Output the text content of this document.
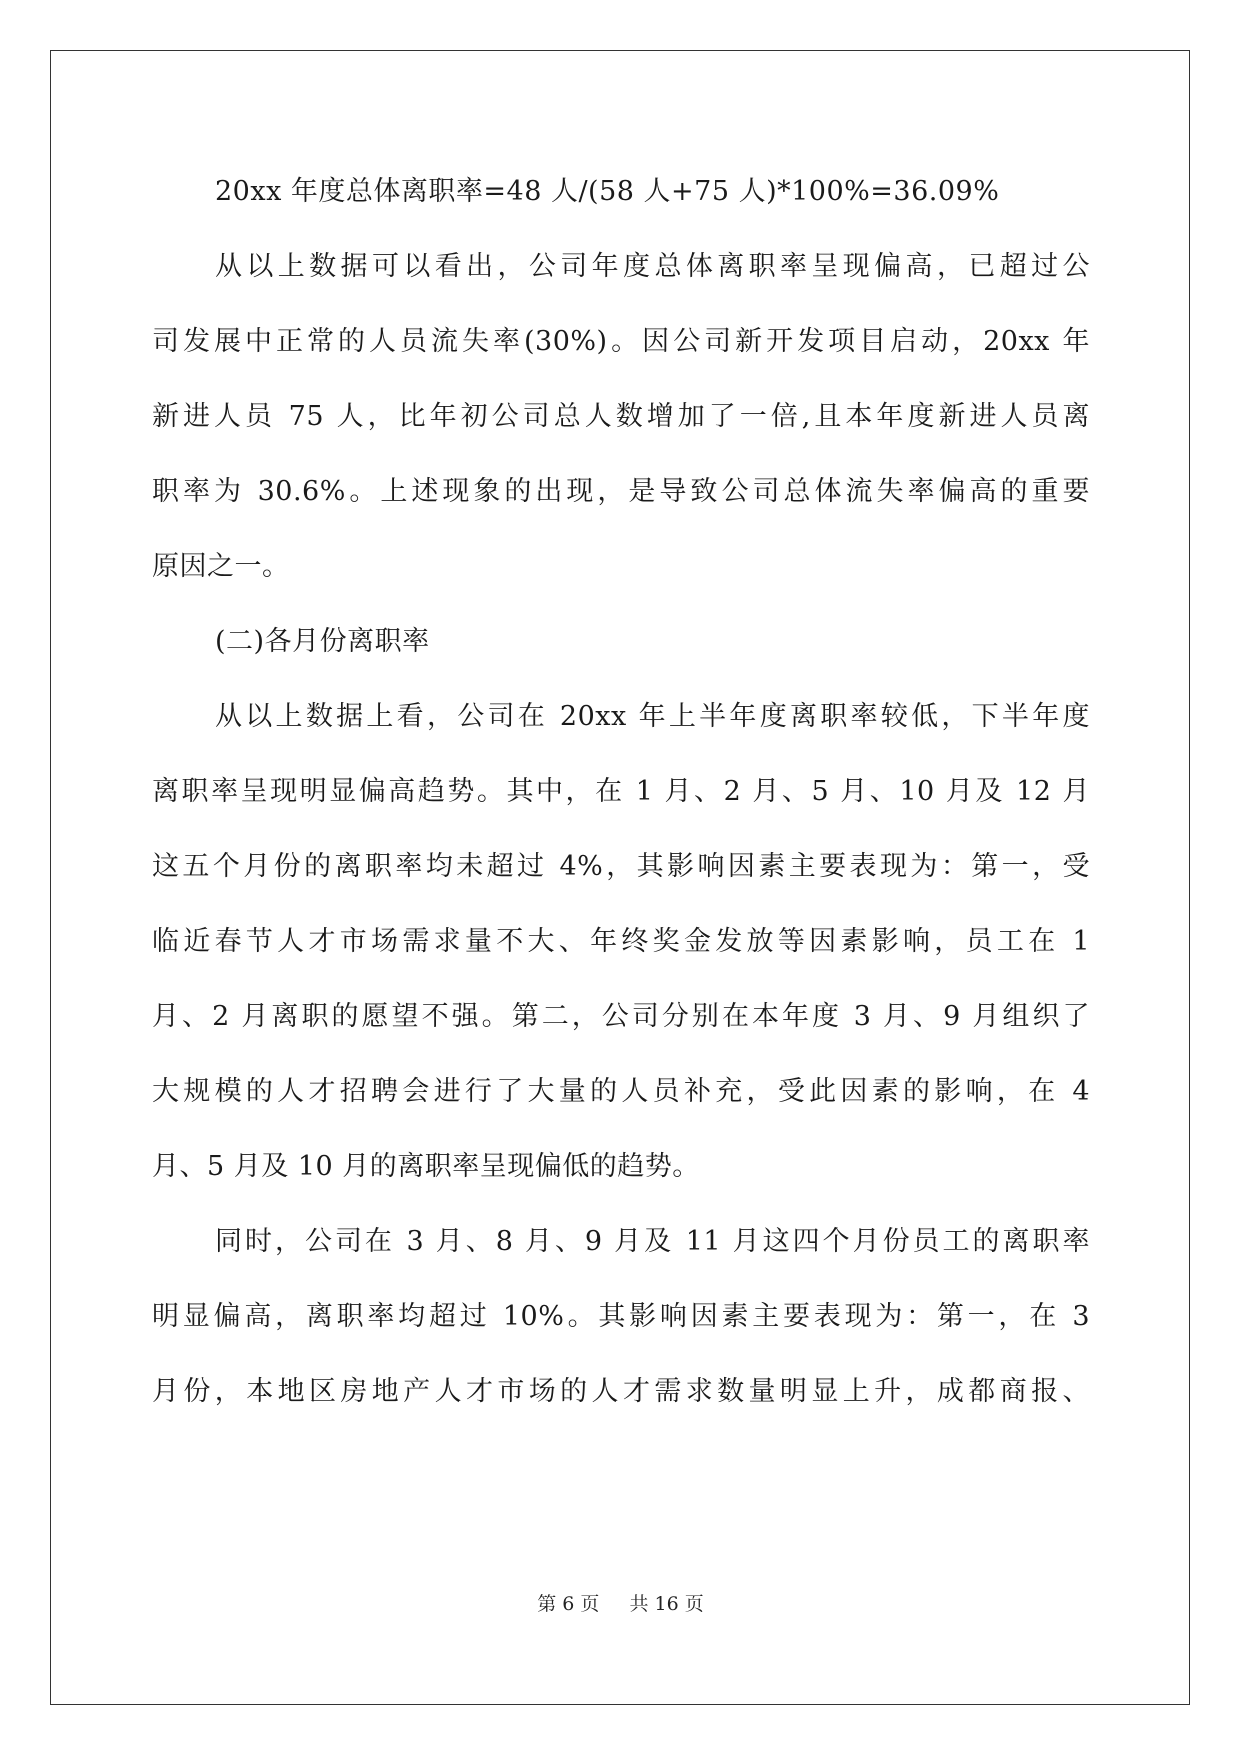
20xx 年度总体离职率=48 人/(58 人+75 人)*100%=36.09%
从以上数据可以看出，公司年度总体离职率呈现偏高，已超过公
司发展中正常的人员流失率(30%)。因公司新开发项目启动，20xx 年
新进人员 75 人，比年初公司总人数增加了一倍,且本年度新进人员离
职率为 30.6%。上述现象的出现，是导致公司总体流失率偏高的重要
原因之一。
(二)各月份离职率
从以上数据上看，公司在 20xx 年上半年度离职率较低，下半年度
离职率呈现明显偏高趋势。其中，在 1 月、2 月、5 月、10 月及 12 月
这五个月份的离职率均未超过 4%，其影响因素主要表现为：第一，受
临近春节人才市场需求量不大、年终奖金发放等因素影响，员工在 1
月、2 月离职的愿望不强。第二，公司分别在本年度 3 月、9 月组织了
大规模的人才招聘会进行了大量的人员补充，受此因素的影响，在 4
月、5 月及 10 月的离职率呈现偏低的趋势。
同时，公司在 3 月、8 月、9 月及 11 月这四个月份员工的离职率
明显偏高，离职率均超过 10%。其影响因素主要表现为：第一，在 3
月份，本地区房地产人才市场的人才需求数量明显上升，成都商报、
第 6 页 共 16 页
